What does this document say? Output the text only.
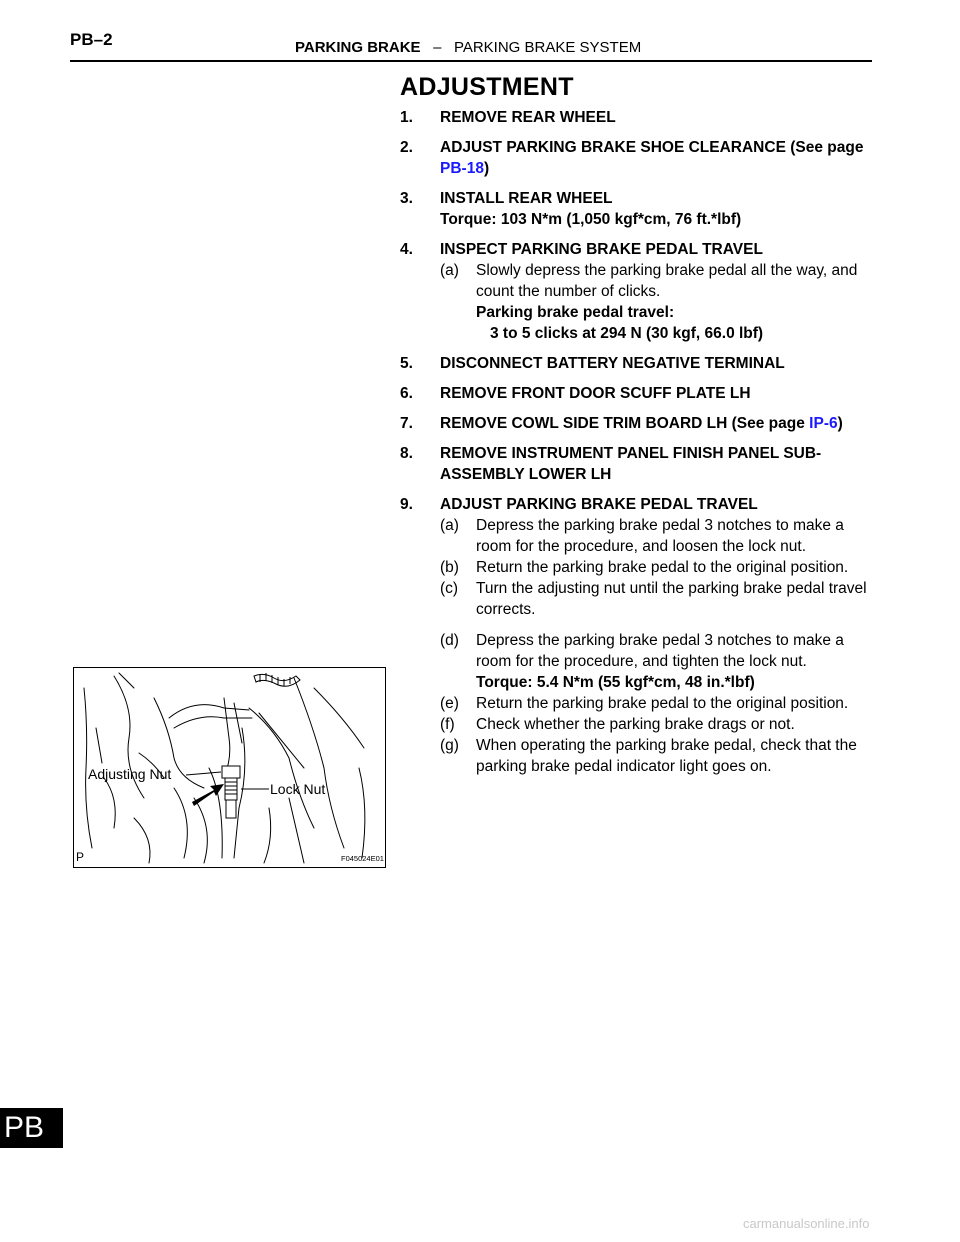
PB–2	PARKING BRAKE – PARKING BRAKE SYSTEM
ADJUSTMENT
1. REMOVE REAR WHEEL
2. ADJUST PARKING BRAKE SHOE CLEARANCE (See page PB-18)
3. INSTALL REAR WHEEL
Torque: 103 N*m (1,050 kgf*cm, 76 ft.*lbf)
4. INSPECT PARKING BRAKE PEDAL TRAVEL
(a) Slowly depress the parking brake pedal all the way, and count the number of clicks.
Parking brake pedal travel:
3 to 5 clicks at 294 N (30 kgf, 66.0 lbf)
5. DISCONNECT BATTERY NEGATIVE TERMINAL
6. REMOVE FRONT DOOR SCUFF PLATE LH
7. REMOVE COWL SIDE TRIM BOARD LH (See page IP-6)
8. REMOVE INSTRUMENT PANEL FINISH PANEL SUB-ASSEMBLY LOWER LH
9. ADJUST PARKING BRAKE PEDAL TRAVEL
(a) Depress the parking brake pedal 3 notches to make a room for the procedure, and loosen the lock nut.
(b) Return the parking brake pedal to the original position.
(c) Turn the adjusting nut until the parking brake pedal travel corrects.
(d) Depress the parking brake pedal 3 notches to make a room for the procedure, and tighten the lock nut.
Torque: 5.4 N*m (55 kgf*cm, 48 in.*lbf)
(e) Return the parking brake pedal to the original position.
(f) Check whether the parking brake drags or not.
(g) When operating the parking brake pedal, check that the parking brake pedal indicator light goes on.
Adjusting Nut
Lock Nut
P	F045024E01
PB
carmanualsonline.info
